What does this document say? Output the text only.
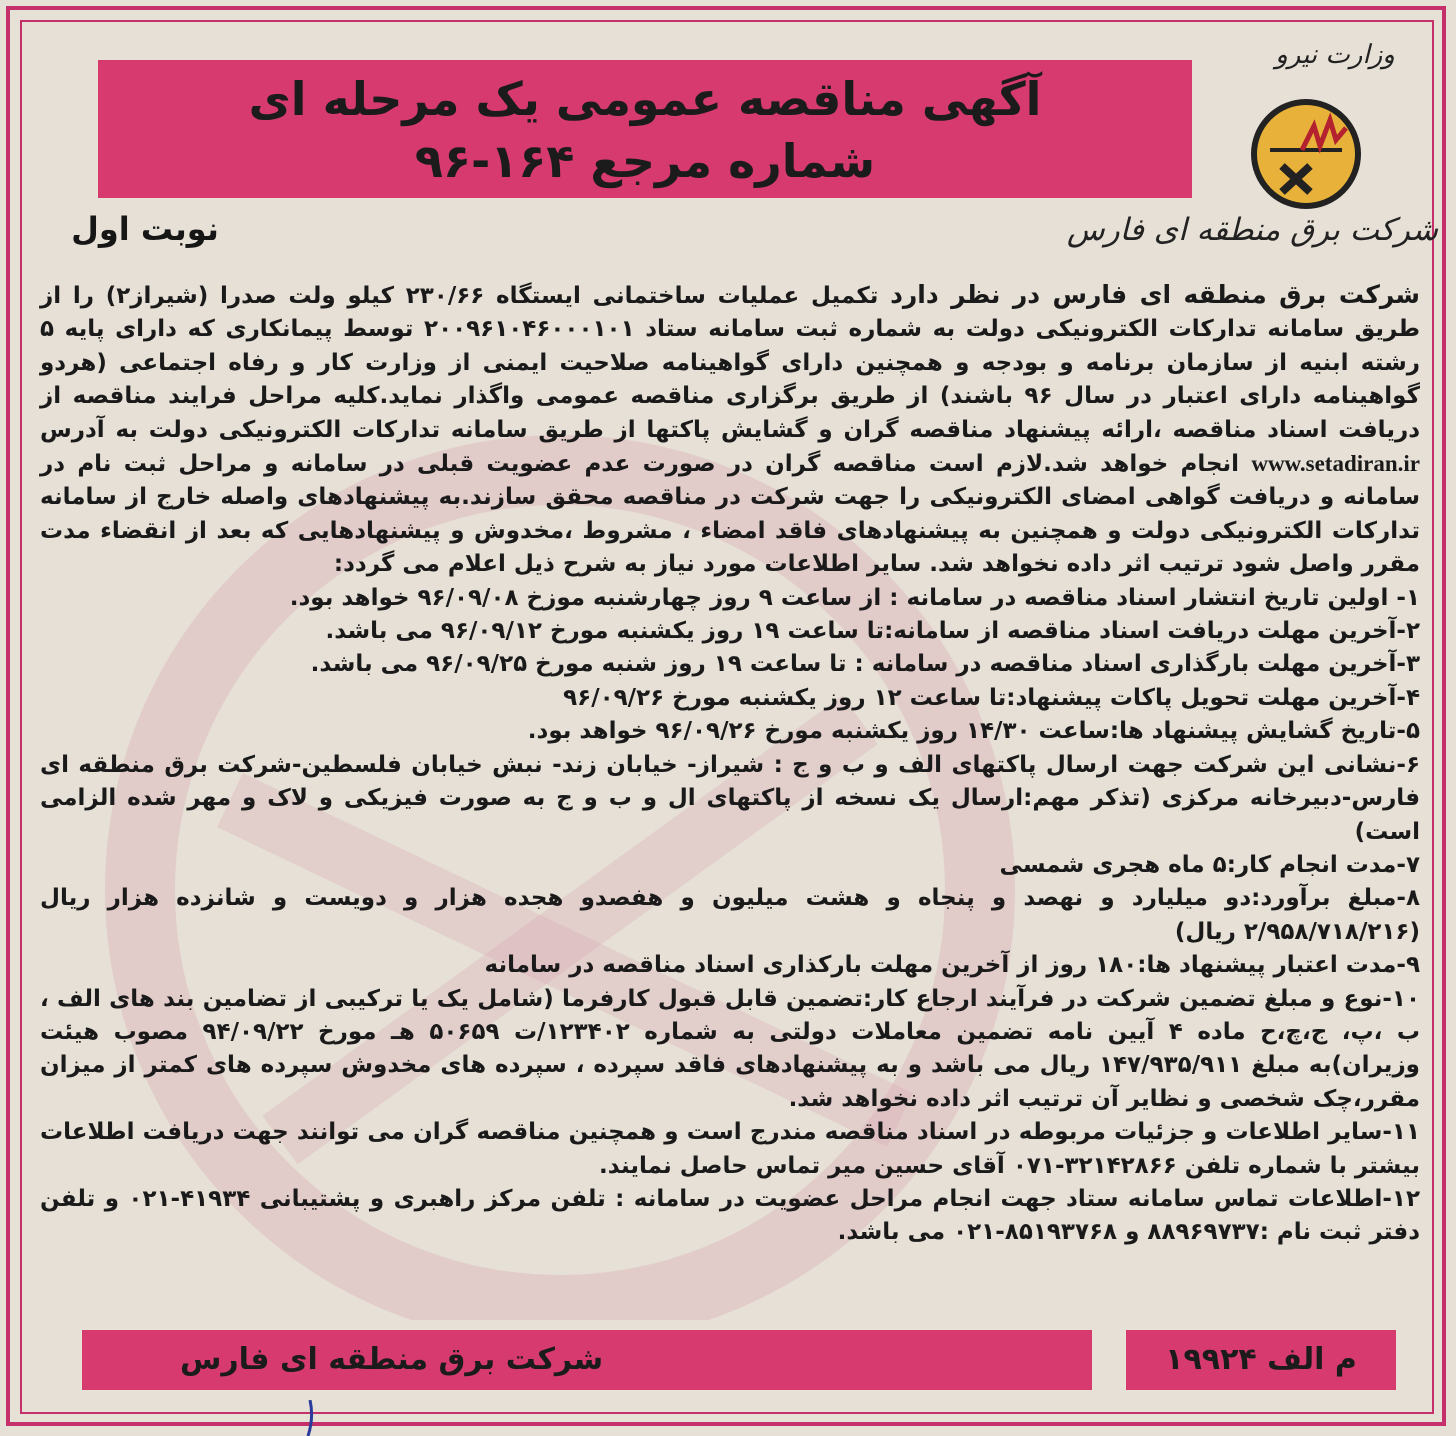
آگهی مناقصه عمومی یک مرحله ای
شماره مرجع ۱۶۴-۹۶
وزارت نیرو
شرکت برق منطقه ای فارس
نوبت اول
شرکت برق منطقه ای فارس در نظر دارد تکمیل عملیات ساختمانی ایستگاه ۲۳۰/۶۶ کیلو ولت صدرا (شیراز۲) را از طریق سامانه تدارکات الکترونیکی دولت به شماره ثبت سامانه ستاد ۲۰۰۹۶۱۰۴۶۰۰۰۱۰۱ توسط پیمانکاری که دارای پایه ۵ رشته ابنیه از سازمان برنامه و بودجه و همچنین دارای گواهینامه صلاحیت ایمنی از وزارت کار و رفاه اجتماعی (هردو گواهینامه دارای اعتبار در سال ۹۶ باشند) از طریق برگزاری مناقصه عمومی واگذار نماید.کلیه مراحل فرایند مناقصه از دریافت اسناد مناقصه ،ارائه پیشنهاد مناقصه گران و گشایش پاکتها از طریق سامانه تدارکات الکترونیکی دولت به آدرس www.setadiran.ir انجام خواهد شد.لازم است مناقصه گران در صورت عدم عضویت قبلی در سامانه و مراحل ثبت نام در سامانه و دریافت گواهی امضای الکترونیکی را جهت شرکت در مناقصه محقق سازند.به پیشنهادهای واصله خارج از سامانه تدارکات الکترونیکی دولت و همچنین به پیشنهادهای فاقد امضاء ، مشروط ،مخدوش و پیشنهادهایی که بعد از انقضاء مدت مقرر واصل شود ترتیب اثر داده نخواهد شد. سایر اطلاعات مورد نیاز به شرح ذیل اعلام می گردد:
۱- اولین تاریخ انتشار اسناد مناقصه در سامانه : از ساعت ۹ روز چهارشنبه موزخ ۹۶/۰۹/۰۸ خواهد بود.
۲-آخرین مهلت دریافت اسناد مناقصه از سامانه:تا ساعت ۱۹ روز یکشنبه مورخ ۹۶/۰۹/۱۲ می باشد.
۳-آخرین مهلت بارگذاری اسناد مناقصه در سامانه : تا ساعت ۱۹ روز شنبه مورخ ۹۶/۰۹/۲۵ می باشد.
۴-آخرین مهلت تحویل پاکات پیشنهاد:تا ساعت ۱۲ روز یکشنبه مورخ ۹۶/۰۹/۲۶
۵-تاریخ گشایش پیشنهاد ها:ساعت ۱۴/۳۰ روز یکشنبه مورخ ۹۶/۰۹/۲۶ خواهد بود.
۶-نشانی این شرکت جهت ارسال پاکتهای الف و ب و ج : شیراز- خیابان زند- نبش خیابان فلسطین-شرکت برق منطقه ای فارس-دبیرخانه مرکزی (تذکر مهم:ارسال یک نسخه از پاکتهای ال و ب و ج به صورت فیزیکی و لاک و مهر شده الزامی است)
۷-مدت انجام کار:۵ ماه هجری شمسی
۸-مبلغ برآورد:دو میلیارد و نهصد و پنجاه و هشت میلیون و هفصدو هجده هزار و دویست و شانزده هزار ریال (۲/۹۵۸/۷۱۸/۲۱۶ ریال)
۹-مدت اعتبار پیشنهاد ها:۱۸۰ روز از آخرین مهلت بارکذاری اسناد مناقصه در سامانه
۱۰-نوع و مبلغ تضمین شرکت در فرآیند ارجاع کار:تضمین قابل قبول کارفرما (شامل یک یا ترکیبی از تضامین بند های الف ، ب ،پ، ج،چ،ح ماده ۴ آیین نامه تضمین معاملات دولتی به شماره ۱۲۳۴۰۲/ت ۵۰۶۵۹ هـ مورخ ۹۴/۰۹/۲۲ مصوب هیئت وزیران)به مبلغ ۱۴۷/۹۳۵/۹۱۱ ریال می باشد و به پیشنهادهای فاقد سپرده ، سپرده های مخدوش سپرده های کمتر از میزان مقرر،چک شخصی و نظایر آن ترتیب اثر داده نخواهد شد.
۱۱-سایر اطلاعات و جزئیات مربوطه در اسناد مناقصه مندرج است و همچنین مناقصه گران می توانند جهت دریافت اطلاعات بیشتر با شماره تلفن ۳۲۱۴۲۸۶۶-۰۷۱ آقای حسین میر تماس حاصل نمایند.
۱۲-اطلاعات تماس سامانه ستاد جهت انجام مراحل عضویت در سامانه : تلفن مرکز راهبری و پشتیبانی ۴۱۹۳۴-۰۲۱ و تلفن دفتر ثبت نام :۸۸۹۶۹۷۳۷ و ۸۵۱۹۳۷۶۸-۰۲۱ می باشد.
م الف ۱۹۹۲۴
شرکت برق منطقه ای فارس
